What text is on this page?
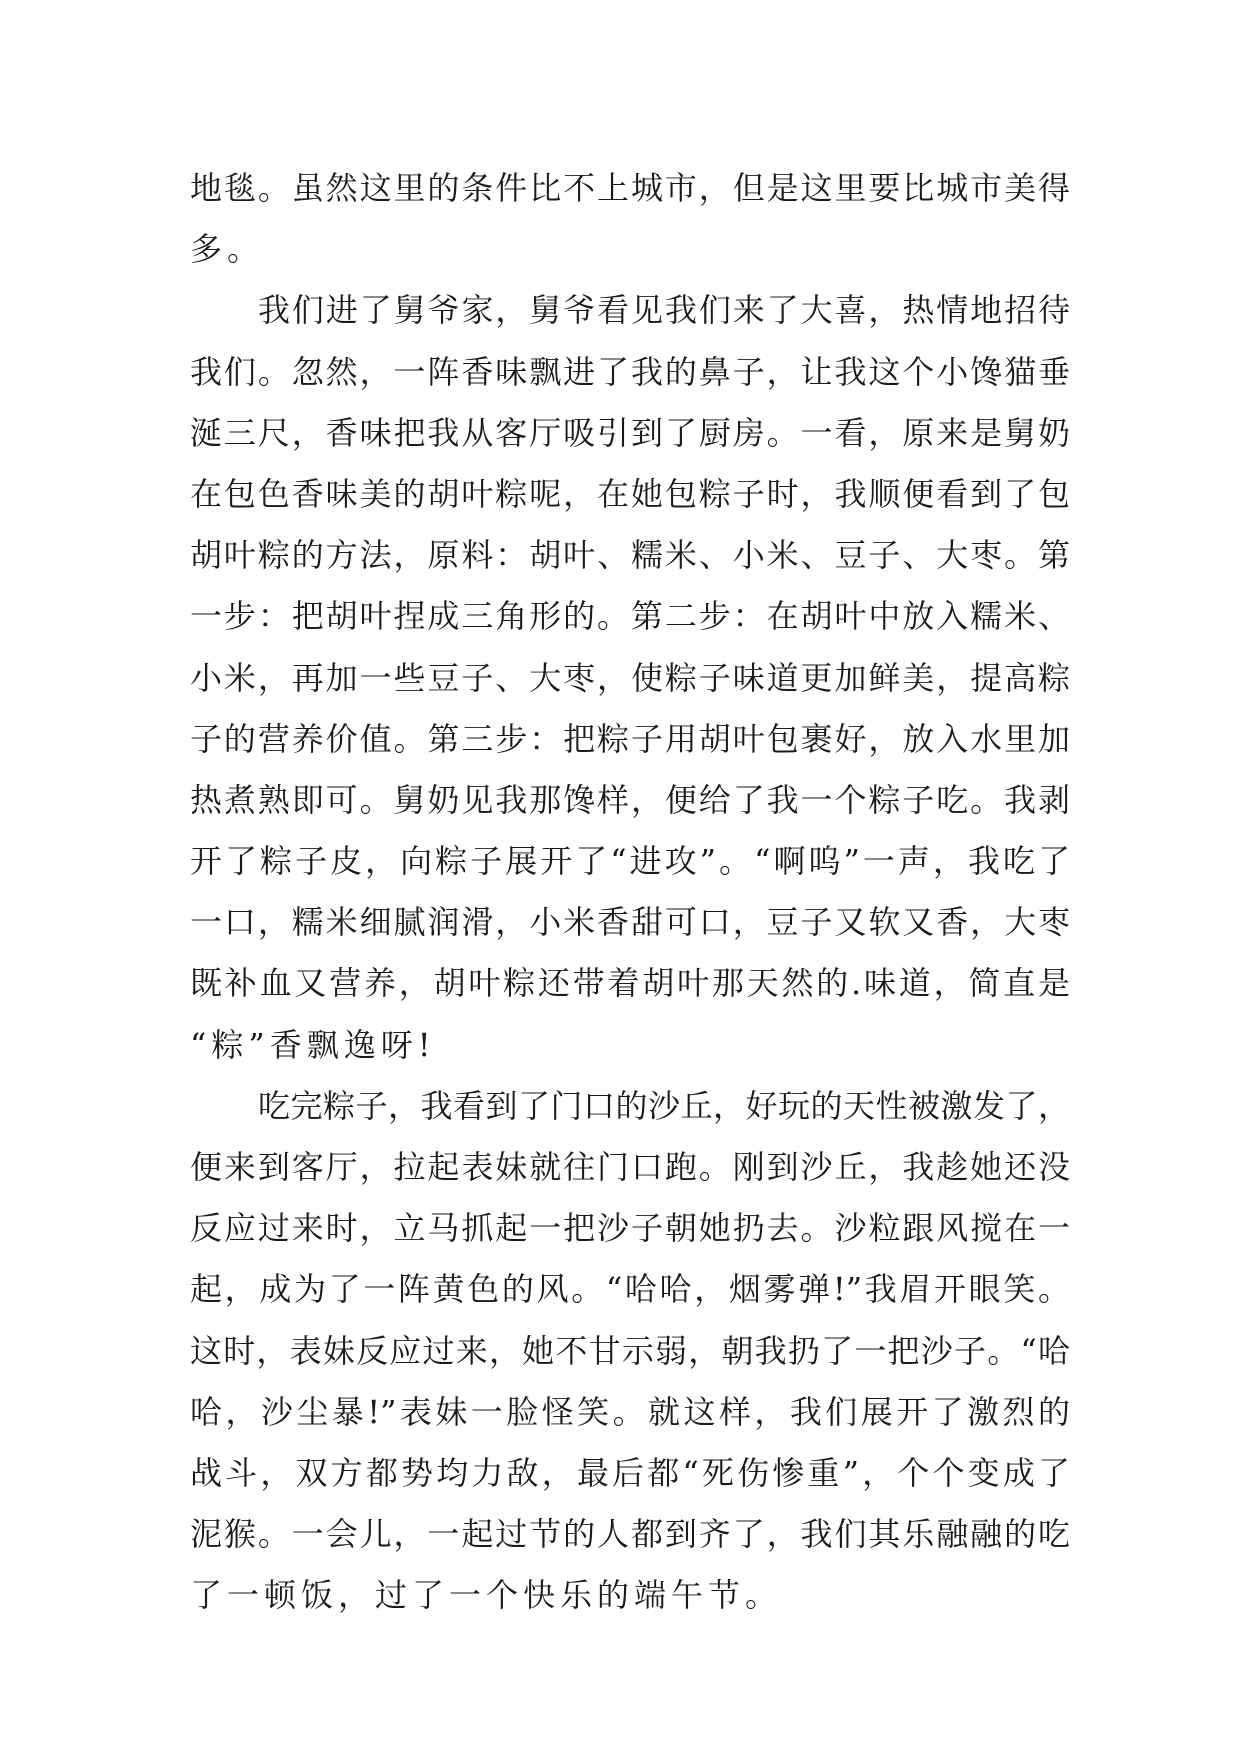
地毯。虽然这里的条件比不上城市，但是这里要比城市美得
多。
我们进了舅爷家，舅爷看见我们来了大喜，热情地招待
我们。忽然，一阵香味飘进了我的鼻子，让我这个小馋猫垂
涎三尺，香味把我从客厅吸引到了厨房。一看，原来是舅奶
在包色香味美的胡叶粽呢，在她包粽子时，我顺便看到了包
胡叶粽的方法，原料：胡叶、糯米、小米、豆子、大枣。第
一步：把胡叶捏成三角形的。第二步：在胡叶中放入糯米、
小米，再加一些豆子、大枣，使粽子味道更加鲜美，提高粽
子的营养价值。第三步：把粽子用胡叶包裹好，放入水里加
热煮熟即可。舅奶见我那馋样，便给了我一个粽子吃。我剥
开了粽子皮，向粽子展开了“进攻”。“啊呜”一声，我吃了
一口，糯米细腻润滑，小米香甜可口，豆子又软又香，大枣
既补血又营养，胡叶粽还带着胡叶那天然的.味道，简直是
“粽”香飘逸呀!
吃完粽子，我看到了门口的沙丘，好玩的天性被激发了，
便来到客厅，拉起表妹就往门口跑。刚到沙丘，我趁她还没
反应过来时，立马抓起一把沙子朝她扔去。沙粒跟风搅在一
起，成为了一阵黄色的风。“哈哈，烟雾弹!”我眉开眼笑。
这时，表妹反应过来，她不甘示弱，朝我扔了一把沙子。“哈
哈，沙尘暴!”表妹一脸怪笑。就这样，我们展开了激烈的
战斗，双方都势均力敌，最后都“死伤惨重”，个个变成了
泥猴。一会儿，一起过节的人都到齐了，我们其乐融融的吃
了一顿饭，过了一个快乐的端午节。
